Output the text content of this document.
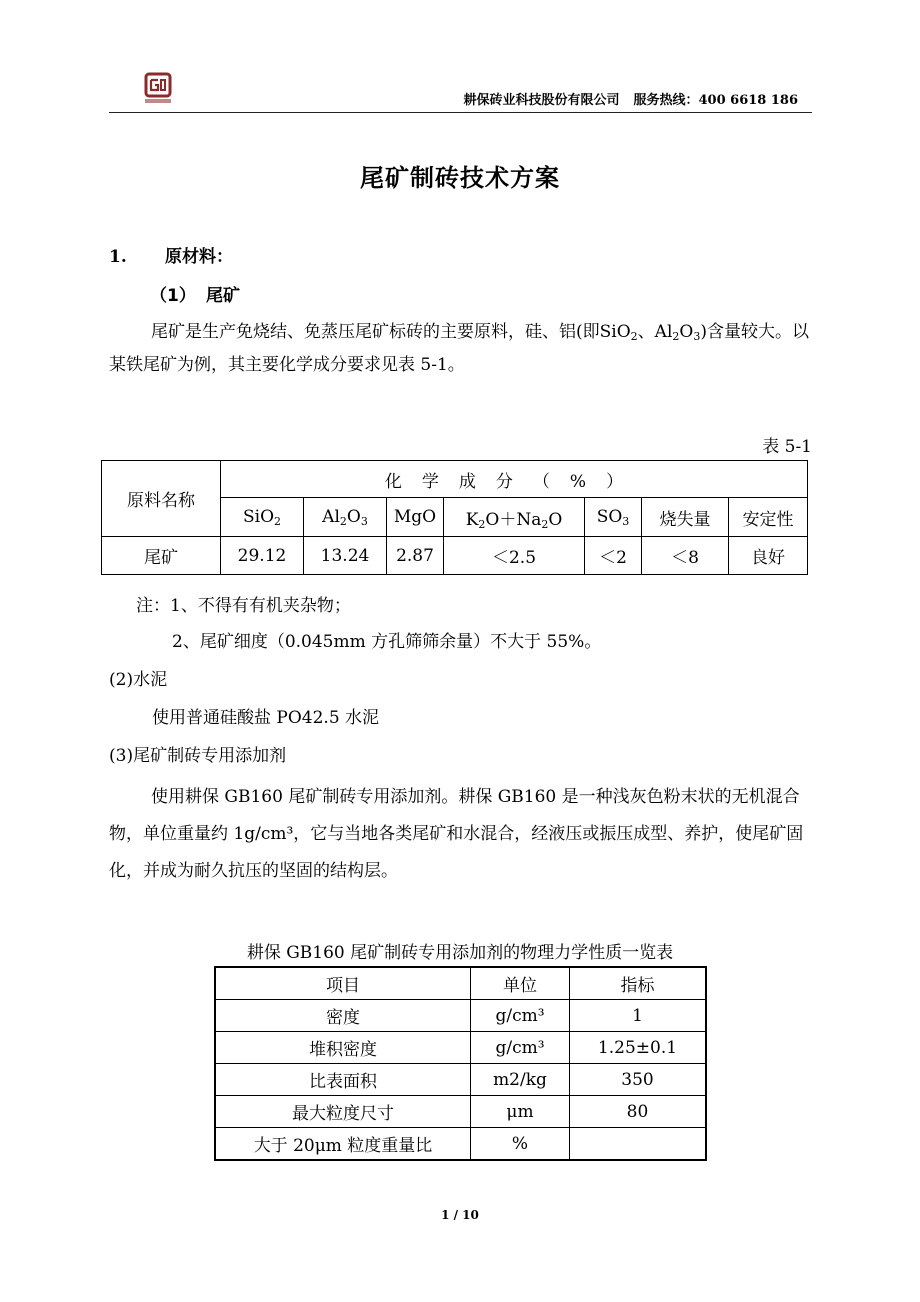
耕保砖业科技股份有限公司 服务热线：400 6618 186
尾矿制砖技术方案
1. 原材料：
（1） 尾矿
尾矿是生产免烧结、免蒸压尾矿标砖的主要原料，硅、铝(即SiO$_2$、$Al_2O_3$)含量较大。以某铁尾矿为例，其主要化学成分要求见表 5-1。
表 5-1
原料名称	化学成分（%）						
	SiO$_2$	$Al_2O_3$	MgO	$K_2O+Na_2O$	$SO_3$	烧失量	安定性
尾矿	29.12	13.24	2.87	＜2.5	＜2	＜8	良好
注：1、不得有有机夹杂物；
2、尾矿细度（0.045mm 方孔筛筛余量）不大于 55%。
(2)水泥
使用普通硅酸盐 PO42.5 水泥
(3)尾矿制砖专用添加剂
使用耕保 GB160 尾矿制砖专用添加剂。耕保 GB160 是一种浅灰色粉末状的无机混合物，单位重量约 1g/cm³，它与当地各类尾矿和水混合，经液压或振压成型、养护，使尾矿固化，并成为耐久抗压的坚固的结构层。
耕保 GB160 尾矿制砖专用添加剂的物理力学性质一览表
项目	单位	指标
密度	g/cm³	1
堆积密度	g/cm³	1.25±0.1
比表面积	m2/kg	350
最大粒度尺寸	μm	80
大于 20μm 粒度重量比	%	
1 / 10
